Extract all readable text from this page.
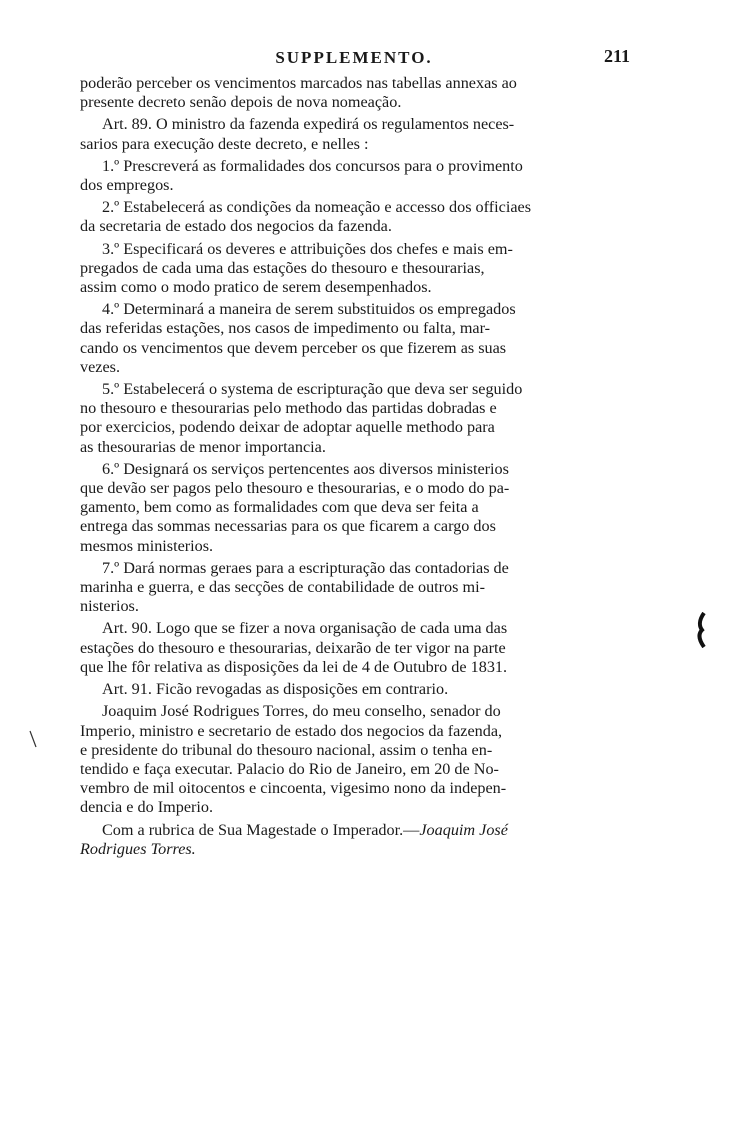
SUPPLEMENTO.	211

poderão perceber os vencimentos marcados nas tabellas annexas ao
presente decreto senão depois de nova nomeação.

Art. 89. O ministro da fazenda expedirá os regulamentos neces-
sarios para execução deste decreto, e nelles :

1.º Prescreverá as formalidades dos concursos para o provimento
dos empregos.

2.º Estabelecerá as condições da nomeação e accesso dos officiaes
da secretaria de estado dos negocios da fazenda.

3.º Especificará os deveres e attribuições dos chefes e mais em-
pregados de cada uma das estações do thesouro e thesourarias,
assim como o modo pratico de serem desempenhados.

4.º Determinará a maneira de serem substituidos os empregados
das referidas estações, nos casos de impedimento ou falta, mar-
cando os vencimentos que devem perceber os que fizerem as suas
vezes.

5.º Estabelecerá o systema de escripturação que deva ser seguido
no thesouro e thesourarias pelo methodo das partidas dobradas e
por exercicios, podendo deixar de adoptar aquelle methodo para
as thesourarias de menor importancia.

6.º Designará os serviços pertencentes aos diversos ministerios
que devão ser pagos pelo thesouro e thesourarias, e o modo do pa-
gamento, bem como as formalidades com que deva ser feita a
entrega das sommas necessarias para os que ficarem a cargo dos
mesmos ministerios.

7.º Dará normas geraes para a escripturação das contadorias de
marinha e guerra, e das secções de contabilidade de outros mi-
nisterios.

Art. 90. Logo que se fizer a nova organisação de cada uma das
estações do thesouro e thesourarias, deixarão de ter vigor na parte
que lhe fôr relativa as disposições da lei de 4 de Outubro de 1831.

Art. 91. Ficão revogadas as disposições em contrario.

Joaquim José Rodrigues Torres, do meu conselho, senador do
Imperio, ministro e secretario de estado dos negocios da fazenda,
e presidente do tribunal do thesouro nacional, assim o tenha en-
tendido e faça executar. Palacio do Rio de Janeiro, em 20 de No-
vembro de mil oitocentos e cincoenta, vigesimo nono da indepen-
dencia e do Imperio.

Com a rubrica de Sua Magestade o Imperador.—Joaquim José
Rodrigues Torres.
